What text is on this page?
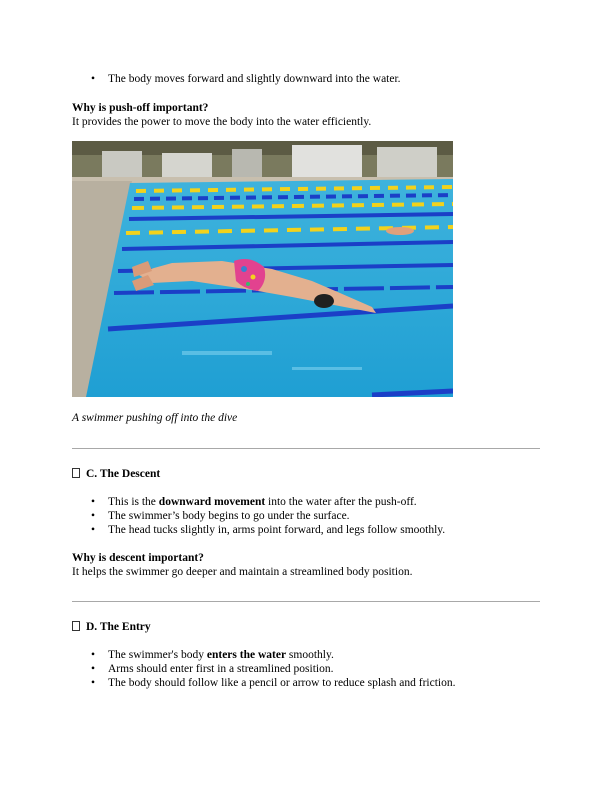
• The body moves forward and slightly downward into the water.
Why is push-off important?
It provides the power to move the body into the water efficiently.
A swimmer pushing off into the dive
C. The Descent
• This is the downward movement into the water after the push-off.
• The swimmer’s body begins to go under the surface.
• The head tucks slightly in, arms point forward, and legs follow smoothly.
Why is descent important?
It helps the swimmer go deeper and maintain a streamlined body position.
D. The Entry
• The swimmer's body enters the water smoothly.
• Arms should enter first in a streamlined position.
• The body should follow like a pencil or arrow to reduce splash and friction.
